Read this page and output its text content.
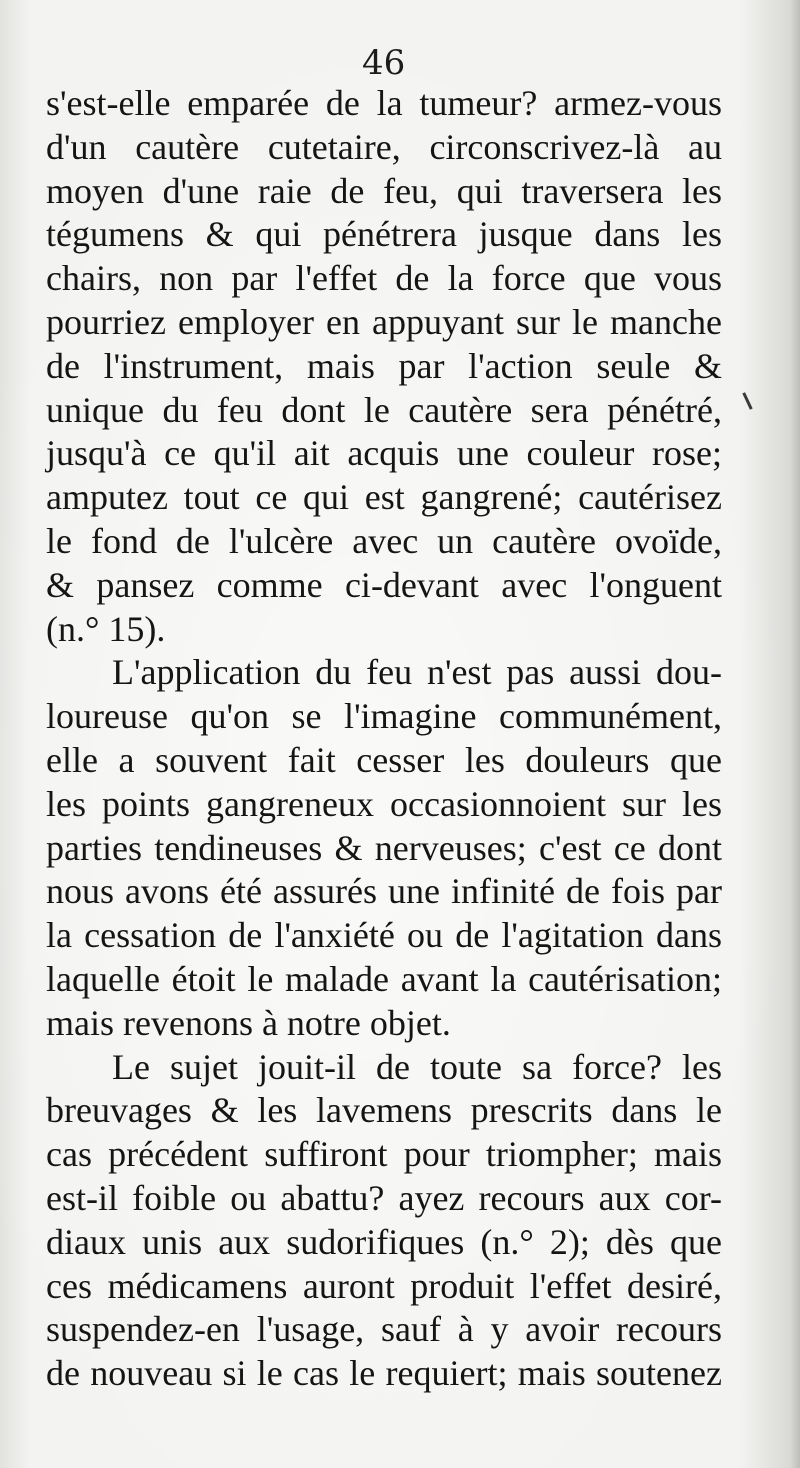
46
s'est-elle emparée de la tumeur? armez-vous
d'un cautère cutetaire, circonscrivez-là au
moyen d'une raie de feu, qui traversera les
tégumens & qui pénétrera jusque dans les
chairs, non par l'effet de la force que vous
pourriez employer en appuyant sur le manche
de l'instrument, mais par l'action seule &
unique du feu dont le cautère sera pénétré,
jusqu'à ce qu'il ait acquis une couleur rose;
amputez tout ce qui est gangrené; cautérisez
le fond de l'ulcère avec un cautère ovoïde,
& pansez comme ci-devant avec l'onguent
(n.° 15).
L'application du feu n'est pas aussi dou-
loureuse qu'on se l'imagine communément,
elle a souvent fait cesser les douleurs que
les points gangreneux occasionnoient sur les
parties tendineuses & nerveuses; c'est ce dont
nous avons été assurés une infinité de fois par
la cessation de l'anxiété ou de l'agitation dans
laquelle étoit le malade avant la cautérisation;
mais revenons à notre objet.
Le sujet jouit-il de toute sa force? les
breuvages & les lavemens prescrits dans le
cas précédent suffiront pour triompher; mais
est-il foible ou abattu? ayez recours aux cor-
diaux unis aux sudorifiques (n.° 2); dès que
ces médicamens auront produit l'effet desiré,
suspendez-en l'usage, sauf à y avoir recours
de nouveau si le cas le requiert; mais soutenez
